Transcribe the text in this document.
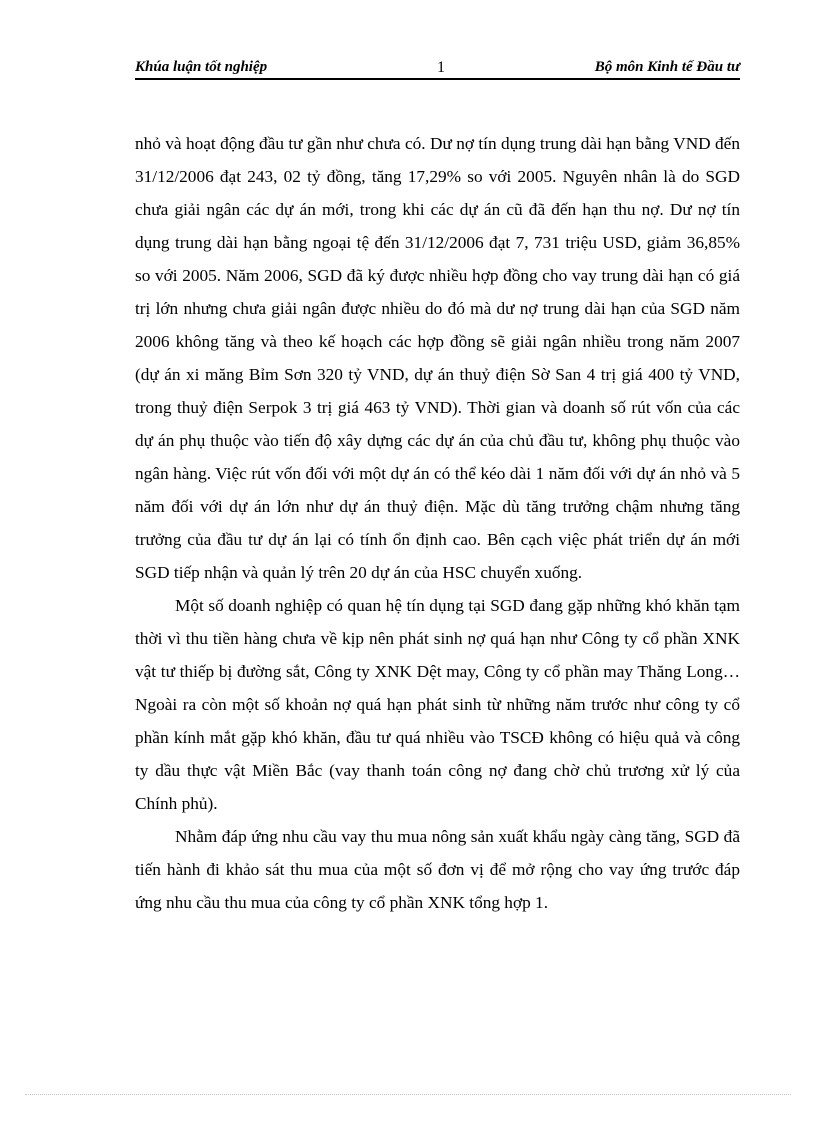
Khúa luận tốt nghiệp	1	Bộ môn Kinh tế Đầu tư

nhỏ và hoạt động đầu tư gần như chưa có. Dư nợ tín dụng trung dài hạn bằng VND đến 31/12/2006 đạt 243, 02 tỷ đồng, tăng 17,29% so với 2005. Nguyên nhân là do SGD chưa giải ngân các dự án mới, trong khi các dự án cũ đã đến hạn thu nợ. Dư nợ tín dụng trung dài hạn bằng ngoại tệ đến 31/12/2006 đạt 7, 731 triệu USD, giảm 36,85% so với 2005. Năm 2006, SGD đã ký được nhiều hợp đồng cho vay trung dài hạn có giá trị lớn nhưng chưa giải ngân được nhiều do đó mà dư nợ trung dài hạn của SGD năm 2006 không tăng và theo kế hoạch các hợp đồng sẽ giải ngân nhiều trong năm 2007 (dự án xi măng Bỉm Sơn 320 tỷ VND, dự án thuỷ điện Sờ San 4 trị giá 400 tỷ VND, trong thuỷ điện Serpok 3 trị giá 463 tỷ VND). Thời gian và doanh số rút vốn của các dự án phụ thuộc vào tiến độ xây dựng các dự án của chủ đầu tư, không phụ thuộc vào ngân hàng. Việc rút vốn đối với một dự án có thể kéo dài 1 năm đối với dự án nhỏ và 5 năm đối với dự án lớn như dự án thuỷ điện. Mặc dù tăng trưởng chậm nhưng tăng trưởng của đầu tư dự án lại có tính ổn định cao. Bên cạch việc phát triển dự án mới SGD tiếp nhận và quản lý trên 20 dự án của HSC chuyển xuống.

Một số doanh nghiệp có quan hệ tín dụng tại SGD đang gặp những khó khăn tạm thời vì thu tiền hàng chưa về kịp nên phát sinh nợ quá hạn như Công ty cổ phần XNK vật tư thiếp bị đường sắt, Công ty XNK Dệt may, Công ty cổ phần may Thăng Long… Ngoài ra còn một số khoản nợ quá hạn phát sinh từ những năm trước như công ty cổ phần kính mắt gặp khó khăn, đầu tư quá nhiều vào TSCĐ không có hiệu quả và công ty dầu thực vật Miền Bắc (vay thanh toán công nợ đang chờ chủ trương xử lý của Chính phủ).

Nhằm đáp ứng nhu cầu vay thu mua nông sản xuất khẩu ngày càng tăng, SGD đã tiến hành đi khảo sát thu mua của một số đơn vị để mở rộng cho vay ứng trước đáp ứng nhu cầu thu mua của công ty cổ phần XNK tổng hợp 1.
